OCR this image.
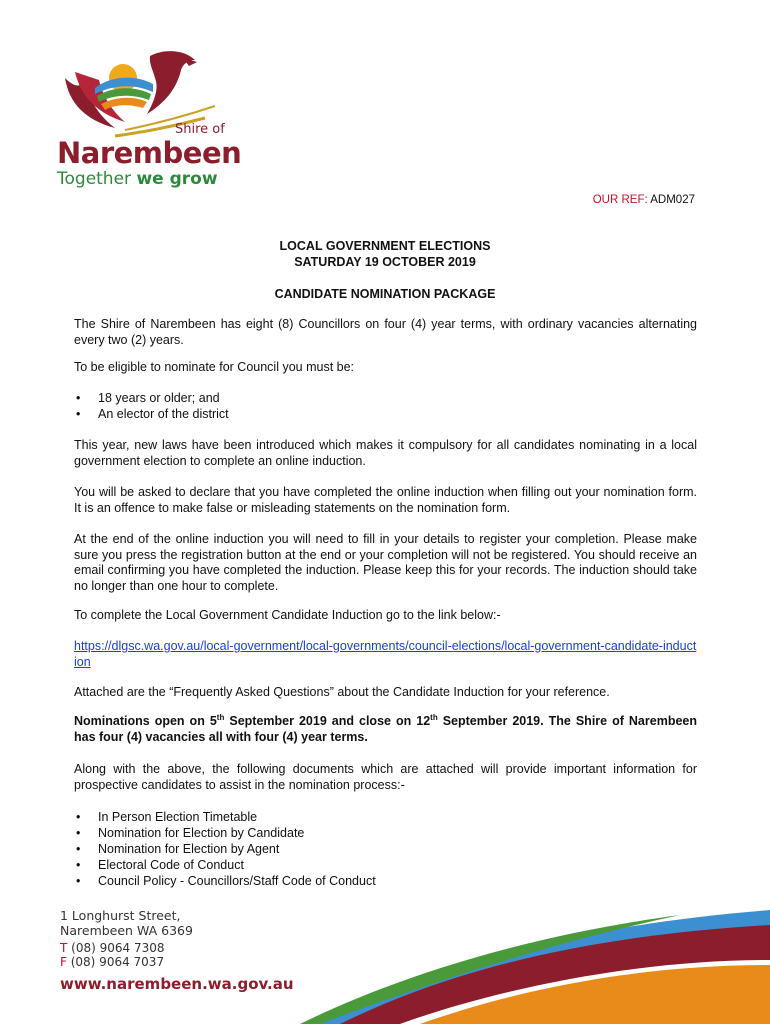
Shire of
Narembeen
Together we grow
OUR REF: ADM027
LOCAL GOVERNMENT ELECTIONS
SATURDAY 19 OCTOBER 2019
CANDIDATE NOMINATION PACKAGE
The Shire of Narembeen has eight (8) Councillors on four (4) year terms, with ordinary vacancies alternating every two (2) years.
To be eligible to nominate for Council you must be:
• 18 years or older; and
• An elector of the district
This year, new laws have been introduced which makes it compulsory for all candidates nominating in a local government election to complete an online induction.
You will be asked to declare that you have completed the online induction when filling out your nomination form. It is an offence to make false or misleading statements on the nomination form.
At the end of the online induction you will need to fill in your details to register your completion. Please make sure you press the registration button at the end or your completion will not be registered. You should receive an email confirming you have completed the induction. Please keep this for your records. The induction should take no longer than one hour to complete.
To complete the Local Government Candidate Induction go to the link below:-
https://dlgsc.wa.gov.au/local-government/local-governments/council-elections/local-government-candidate-induction
Attached are the “Frequently Asked Questions” about the Candidate Induction for your reference.
Nominations open on 5th September 2019 and close on 12th September 2019. The Shire of Narembeen has four (4) vacancies all with four (4) year terms.
Along with the above, the following documents which are attached will provide important information for prospective candidates to assist in the nomination process:-
• In Person Election Timetable
• Nomination for Election by Candidate
• Nomination for Election by Agent
• Electoral Code of Conduct
• Council Policy - Councillors/Staff Code of Conduct
1 Longhurst Street,
Narembeen WA 6369
T (08) 9064 7308
F (08) 9064 7037
www.narembeen.wa.gov.au
